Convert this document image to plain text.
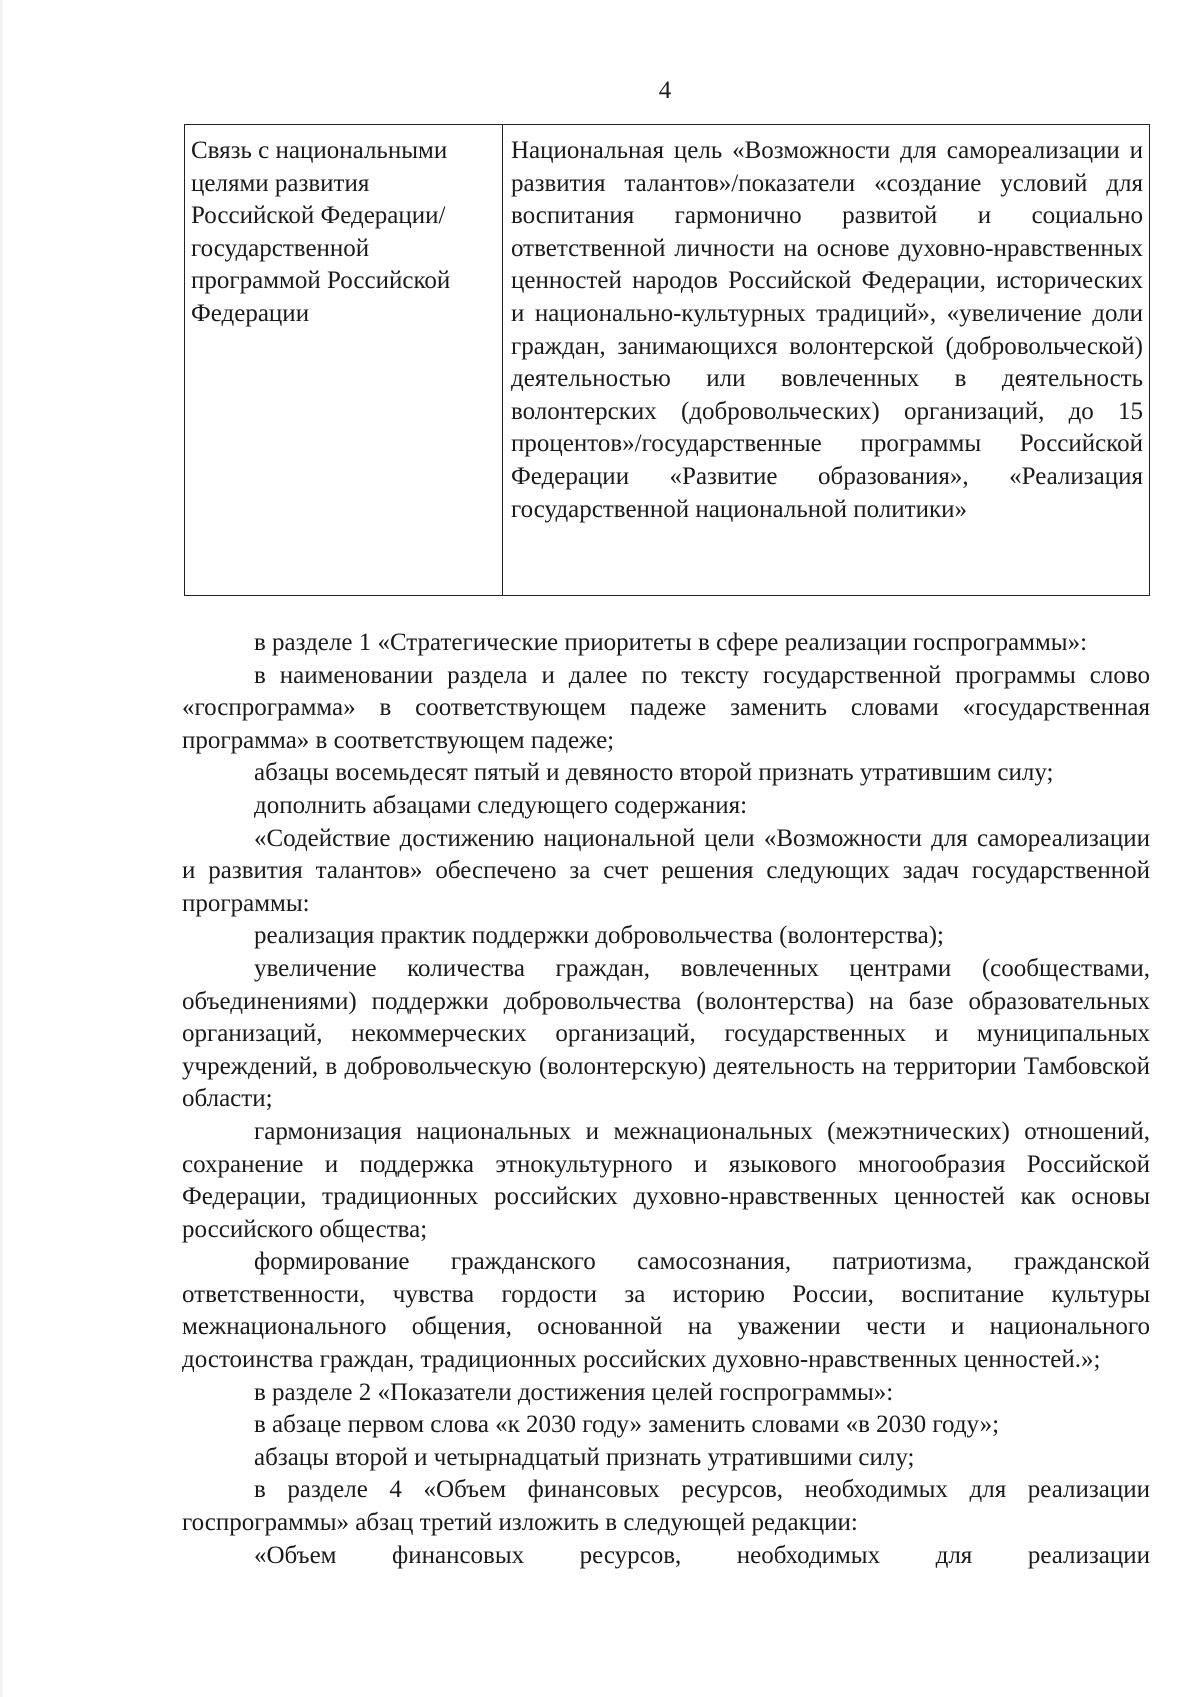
4
Связь с национальными целями развития Российской Федерации/ государственной программой Российской Федерации	Национальная цель «Возможности для самореализации и развития талантов»/показатели «создание условий для воспитания гармонично развитой и социально ответственной личности на основе духовно-нравственных ценностей народов Российской Федерации, исторических и национально-культурных традиций», «увеличение доли граждан, занимающихся волонтерской (добровольческой) деятельностью или вовлеченных в деятельность волонтерских (добровольческих) организаций, до 15 процентов»/государственные программы Российской Федерации «Развитие образования», «Реализация государственной национальной политики»

в разделе 1 «Стратегические приоритеты в сфере реализации госпрограммы»:

в наименовании раздела и далее по тексту государственной программы слово «госпрограмма» в соответствующем падеже заменить словами «государственная программа» в соответствующем падеже;

абзацы восемьдесят пятый и девяносто второй признать утратившим силу;

дополнить абзацами следующего содержания:

«Содействие достижению национальной цели «Возможности для самореализации и развития талантов» обеспечено за счет решения следующих задач государственной программы:

реализация практик поддержки добровольчества (волонтерства);

увеличение количества граждан, вовлеченных центрами (сообществами, объединениями) поддержки добровольчества (волонтерства) на базе образовательных организаций, некоммерческих организаций, государственных и муниципальных учреждений, в добровольческую (волонтерскую) деятельность на территории Тамбовской области;

гармонизация национальных и межнациональных (межэтнических) отношений, сохранение и поддержка этнокультурного и языкового многообразия Российской Федерации, традиционных российских духовно-нравственных ценностей как основы российского общества;

формирование гражданского самосознания, патриотизма, гражданской ответственности, чувства гордости за историю России, воспитание культуры межнационального общения, основанной на уважении чести и национального достоинства граждан, традиционных российских духовно-нравственных ценностей.»;

в разделе 2 «Показатели достижения целей госпрограммы»:

в абзаце первом слова «к 2030 году» заменить словами «в 2030 году»;

абзацы второй и четырнадцатый признать утратившими силу;

в разделе 4 «Объем финансовых ресурсов, необходимых для реализации госпрограммы» абзац третий изложить в следующей редакции:

«Объем финансовых ресурсов, необходимых для реализации
